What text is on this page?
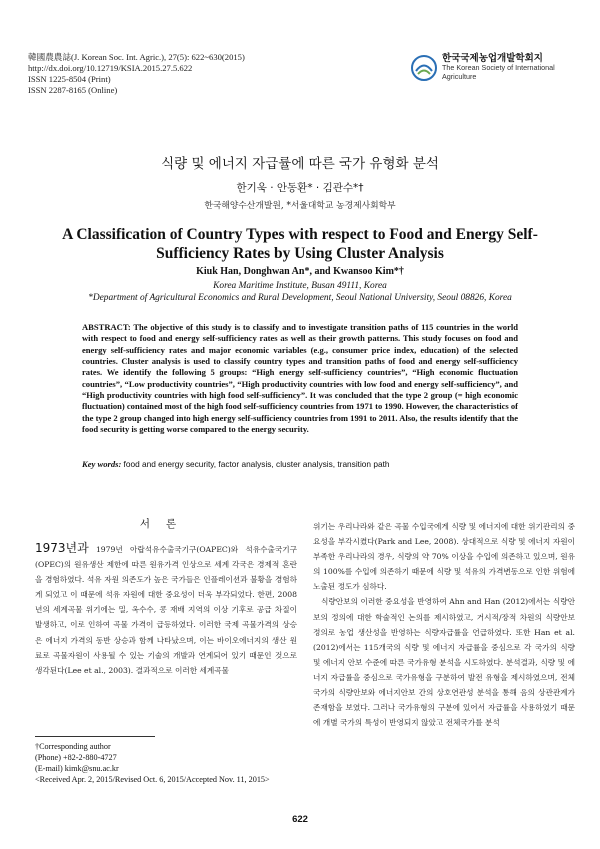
韓國農農誌(J. Korean Soc. Int. Agric.), 27(5): 622~630(2015)
http://dx.doi.org/10.12719/KSIA.2015.27.5.622
ISSN 1225-8504 (Print)
ISSN 2287-8165 (Online)
한국국제농업개발학회지
The Korean Society of International Agriculture
식량 및 에너지 자급률에 따른 국가 유형화 분석
한기욱 · 안동환* · 김관수*†
한국해양수산개발원, *서울대학교 농경제사회학부
A Classification of Country Types with respect to Food and Energy Self-Sufficiency Rates by Using Cluster Analysis
Kiuk Han, Donghwan An*, and Kwansoo Kim*†
Korea Maritime Institute, Busan 49111, Korea
*Department of Agricultural Economics and Rural Development, Seoul National University, Seoul 08826, Korea
ABSTRACT: The objective of this study is to classify and to investigate transition paths of 115 countries in the world with respect to food and energy self-sufficiency rates as well as their growth patterns. This study focuses on food and energy self-sufficiency rates and major economic variables (e.g., consumer price index, education) of the selected countries. Cluster analysis is used to classify country types and transition paths of food and energy self-sufficiency rates. We identify the following 5 groups: “High energy self-sufficiency countries”, “High economic fluctuation countries”, “Low productivity countries”, “High productivity countries with low food and energy self-sufficiency”, and “High productivity countries with high food self-sufficiency”. It was concluded that the type 2 group (= high economic fluctuation) contained most of the high food self-sufficiency countries from 1971 to 1990. However, the characteristics of the type 2 group changed into high energy self-sufficiency countries from 1991 to 2011. Also, the results identify that the food security is getting worse compared to the energy security.
Key words: food and energy security, factor analysis, cluster analysis, transition path
서론

1973년과 1979년 아랍석유수출국기구(OAPEC)와 석유수출국기구(OPEC)의 원유생산 제한에 따른 원유가격 인상으로 세계 각국은 경제적 혼란을 경험하였다. 석유 자원 의존도가 높은 국가들은 인플레이션과 불황을 경험하게 되었고 이 때문에 석유 자원에 대한 중요성이 더욱 부각되었다. 한편, 2008년의 세계곡물 위기에는 밀, 옥수수, 콩 재배 지역의 이상 기후로 공급 차질이 발생하고, 이로 인하여 곡물 가격이 급등하였다. 이러한 국제 곡물가격의 상승은 에너지 가격의 동반 상승과 함께 나타났으며, 이는 바이오에너지의 생산 원료로 곡물자원이 사용될 수 있는 기술의 개발과 연계되어 있기 때문인 것으로 생각된다(Lee et al., 2003). 결과적으로 이러한 세계곡물

위기는 우리나라와 같은 곡물 수입국에게 식량 및 에너지에 대한 위기관리의 중요성을 부각시켰다(Park and Lee, 2008). 상대적으로 식량 및 에너지 자원이 부족한 우리나라의 경우, 식량의 약 70% 이상을 수입에 의존하고 있으며, 원유의 100%를 수입에 의존하기 때문에 식량 및 석유의 가격변동으로 인한 위험에 노출된 정도가 심하다.

식량안보의 이러한 중요성을 반영하여 Ahn and Han (2012)에서는 식량안보의 정의에 대한 학술적인 논의를 제시하였고, 거시적/장적 차원의 식량안보 정의로 농업 생산성을 반영하는 식량자급률을 언급하였다. 또한 Han et al. (2012)에서는 115개국의 식량 및 에너지 자급률을 중심으로 각 국가의 식량 및 에너지 안보 수준에 따른 국가유형 분석을 시도하였다. 분석결과, 식량 및 에너지 자급률을 중심으로 국가유형을 구분하여 발전 유형을 제시하였으며, 전체 국가의 식량안보와 에너지안보 간의 상호연관성 분석을 통해 음의 상관관계가 존재함을 보였다. 그러나 국가유형의 구분에 있어서 자급률을 사용하였기 때문에 개별 국가의 특성이 반영되지 않았고 전체국가를 분석

†Corresponding author
(Phone) +82-2-880-4727
(E-mail) kimk@snu.ac.kr
<Received Apr. 2, 2015/Revised Oct. 6, 2015/Accepted Nov. 11, 2015>
622
